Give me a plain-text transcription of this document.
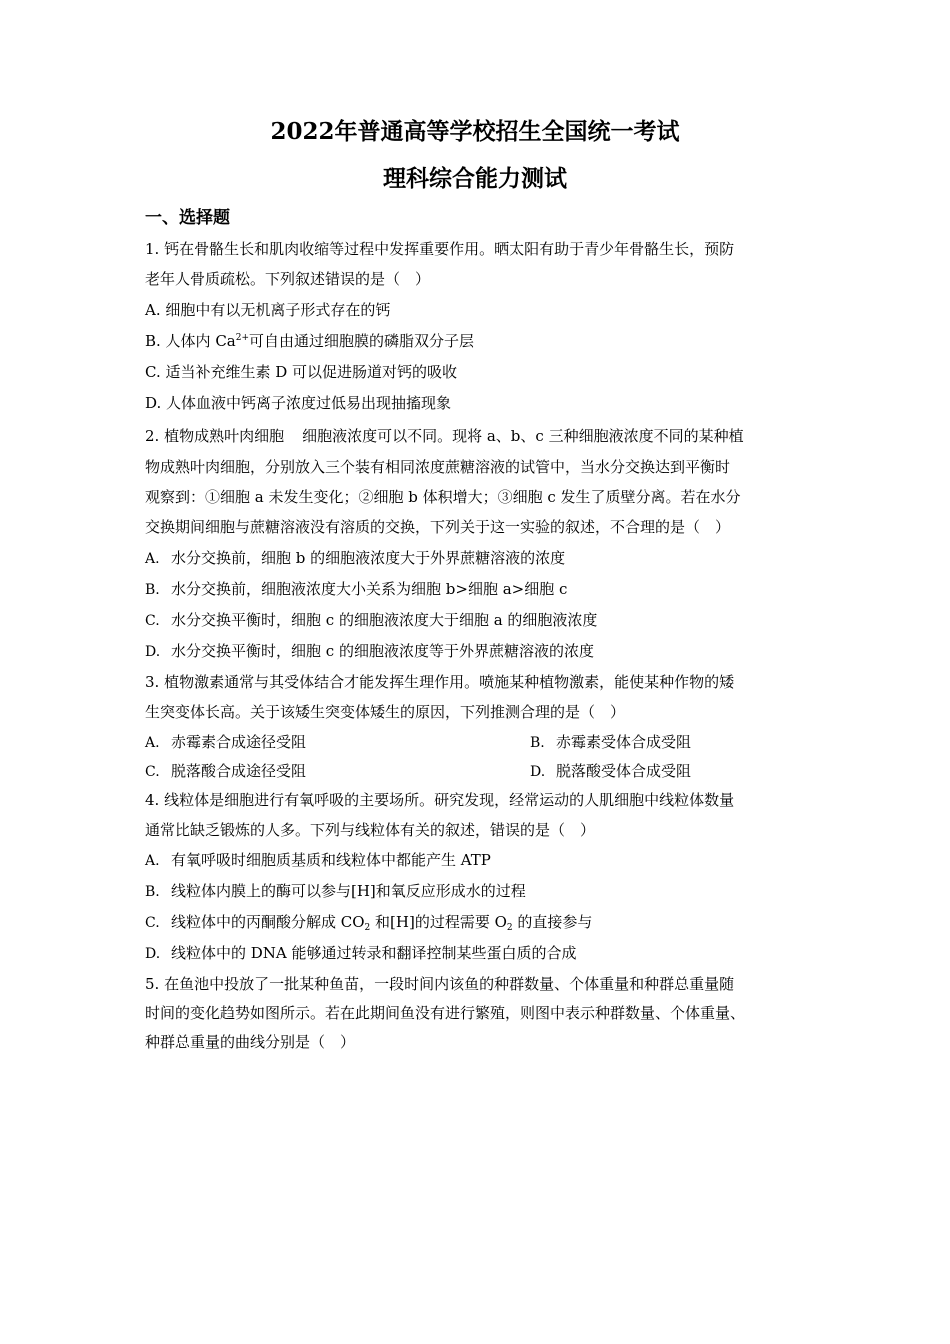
2022年普通高等学校招生全国统一考试
理科综合能力测试
一、选择题
1. 钙在骨骼生长和肌肉收缩等过程中发挥重要作用。晒太阳有助于青少年骨骼生长，预防
老年人骨质疏松。下列叙述错误的是（　）
A. 细胞中有以无机离子形式存在的钙
B. 人体内 $Ca^{2+}$可自由通过细胞膜的磷脂双分子层
C. 适当补充维生素 D 可以促进肠道对钙的吸收
D. 人体血液中钙离子浓度过低易出现抽搐现象
2. 植物成熟叶肉细胞 细胞液浓度可以不同。现将 a、b、c 三种细胞液浓度不同的某种植
物成熟叶肉细胞，分别放入三个装有相同浓度蔗糖溶液的试管中，当水分交换达到平衡时
观察到：①细胞 a 未发生变化；②细胞 b 体积增大；③细胞 c 发生了质壁分离。若在水分
交换期间细胞与蔗糖溶液没有溶质的交换，下列关于这一实验的叙述，不合理的是（　）
A. 水分交换前，细胞 b 的细胞液浓度大于外界蔗糖溶液的浓度
B. 水分交换前，细胞液浓度大小关系为细胞 b>细胞 a>细胞 c
C. 水分交换平衡时，细胞 c 的细胞液浓度大于细胞 a 的细胞液浓度
D. 水分交换平衡时，细胞 c 的细胞液浓度等于外界蔗糖溶液的浓度
3. 植物激素通常与其受体结合才能发挥生理作用。喷施某种植物激素，能使某种作物的矮
生突变体长高。关于该矮生突变体矮生的原因，下列推测合理的是（　）
A. 赤霉素合成途径受阻	B. 赤霉素受体合成受阻
C. 脱落酸合成途径受阻	D. 脱落酸受体合成受阻
4. 线粒体是细胞进行有氧呼吸的主要场所。研究发现，经常运动的人肌细胞中线粒体数量
通常比缺乏锻炼的人多。下列与线粒体有关的叙述，错误的是（　）
A. 有氧呼吸时细胞质基质和线粒体中都能产生 ATP
B. 线粒体内膜上的酶可以参与[H]和氧反应形成水的过程
C. 线粒体中的丙酮酸分解成 $CO_2$ 和[H]的过程需要 $O_2$ 的直接参与
D. 线粒体中的 DNA 能够通过转录和翻译控制某些蛋白质的合成
5. 在鱼池中投放了一批某种鱼苗，一段时间内该鱼的种群数量、个体重量和种群总重量随
时间的变化趋势如图所示。若在此期间鱼没有进行繁殖，则图中表示种群数量、个体重量、
种群总重量的曲线分别是（　）
